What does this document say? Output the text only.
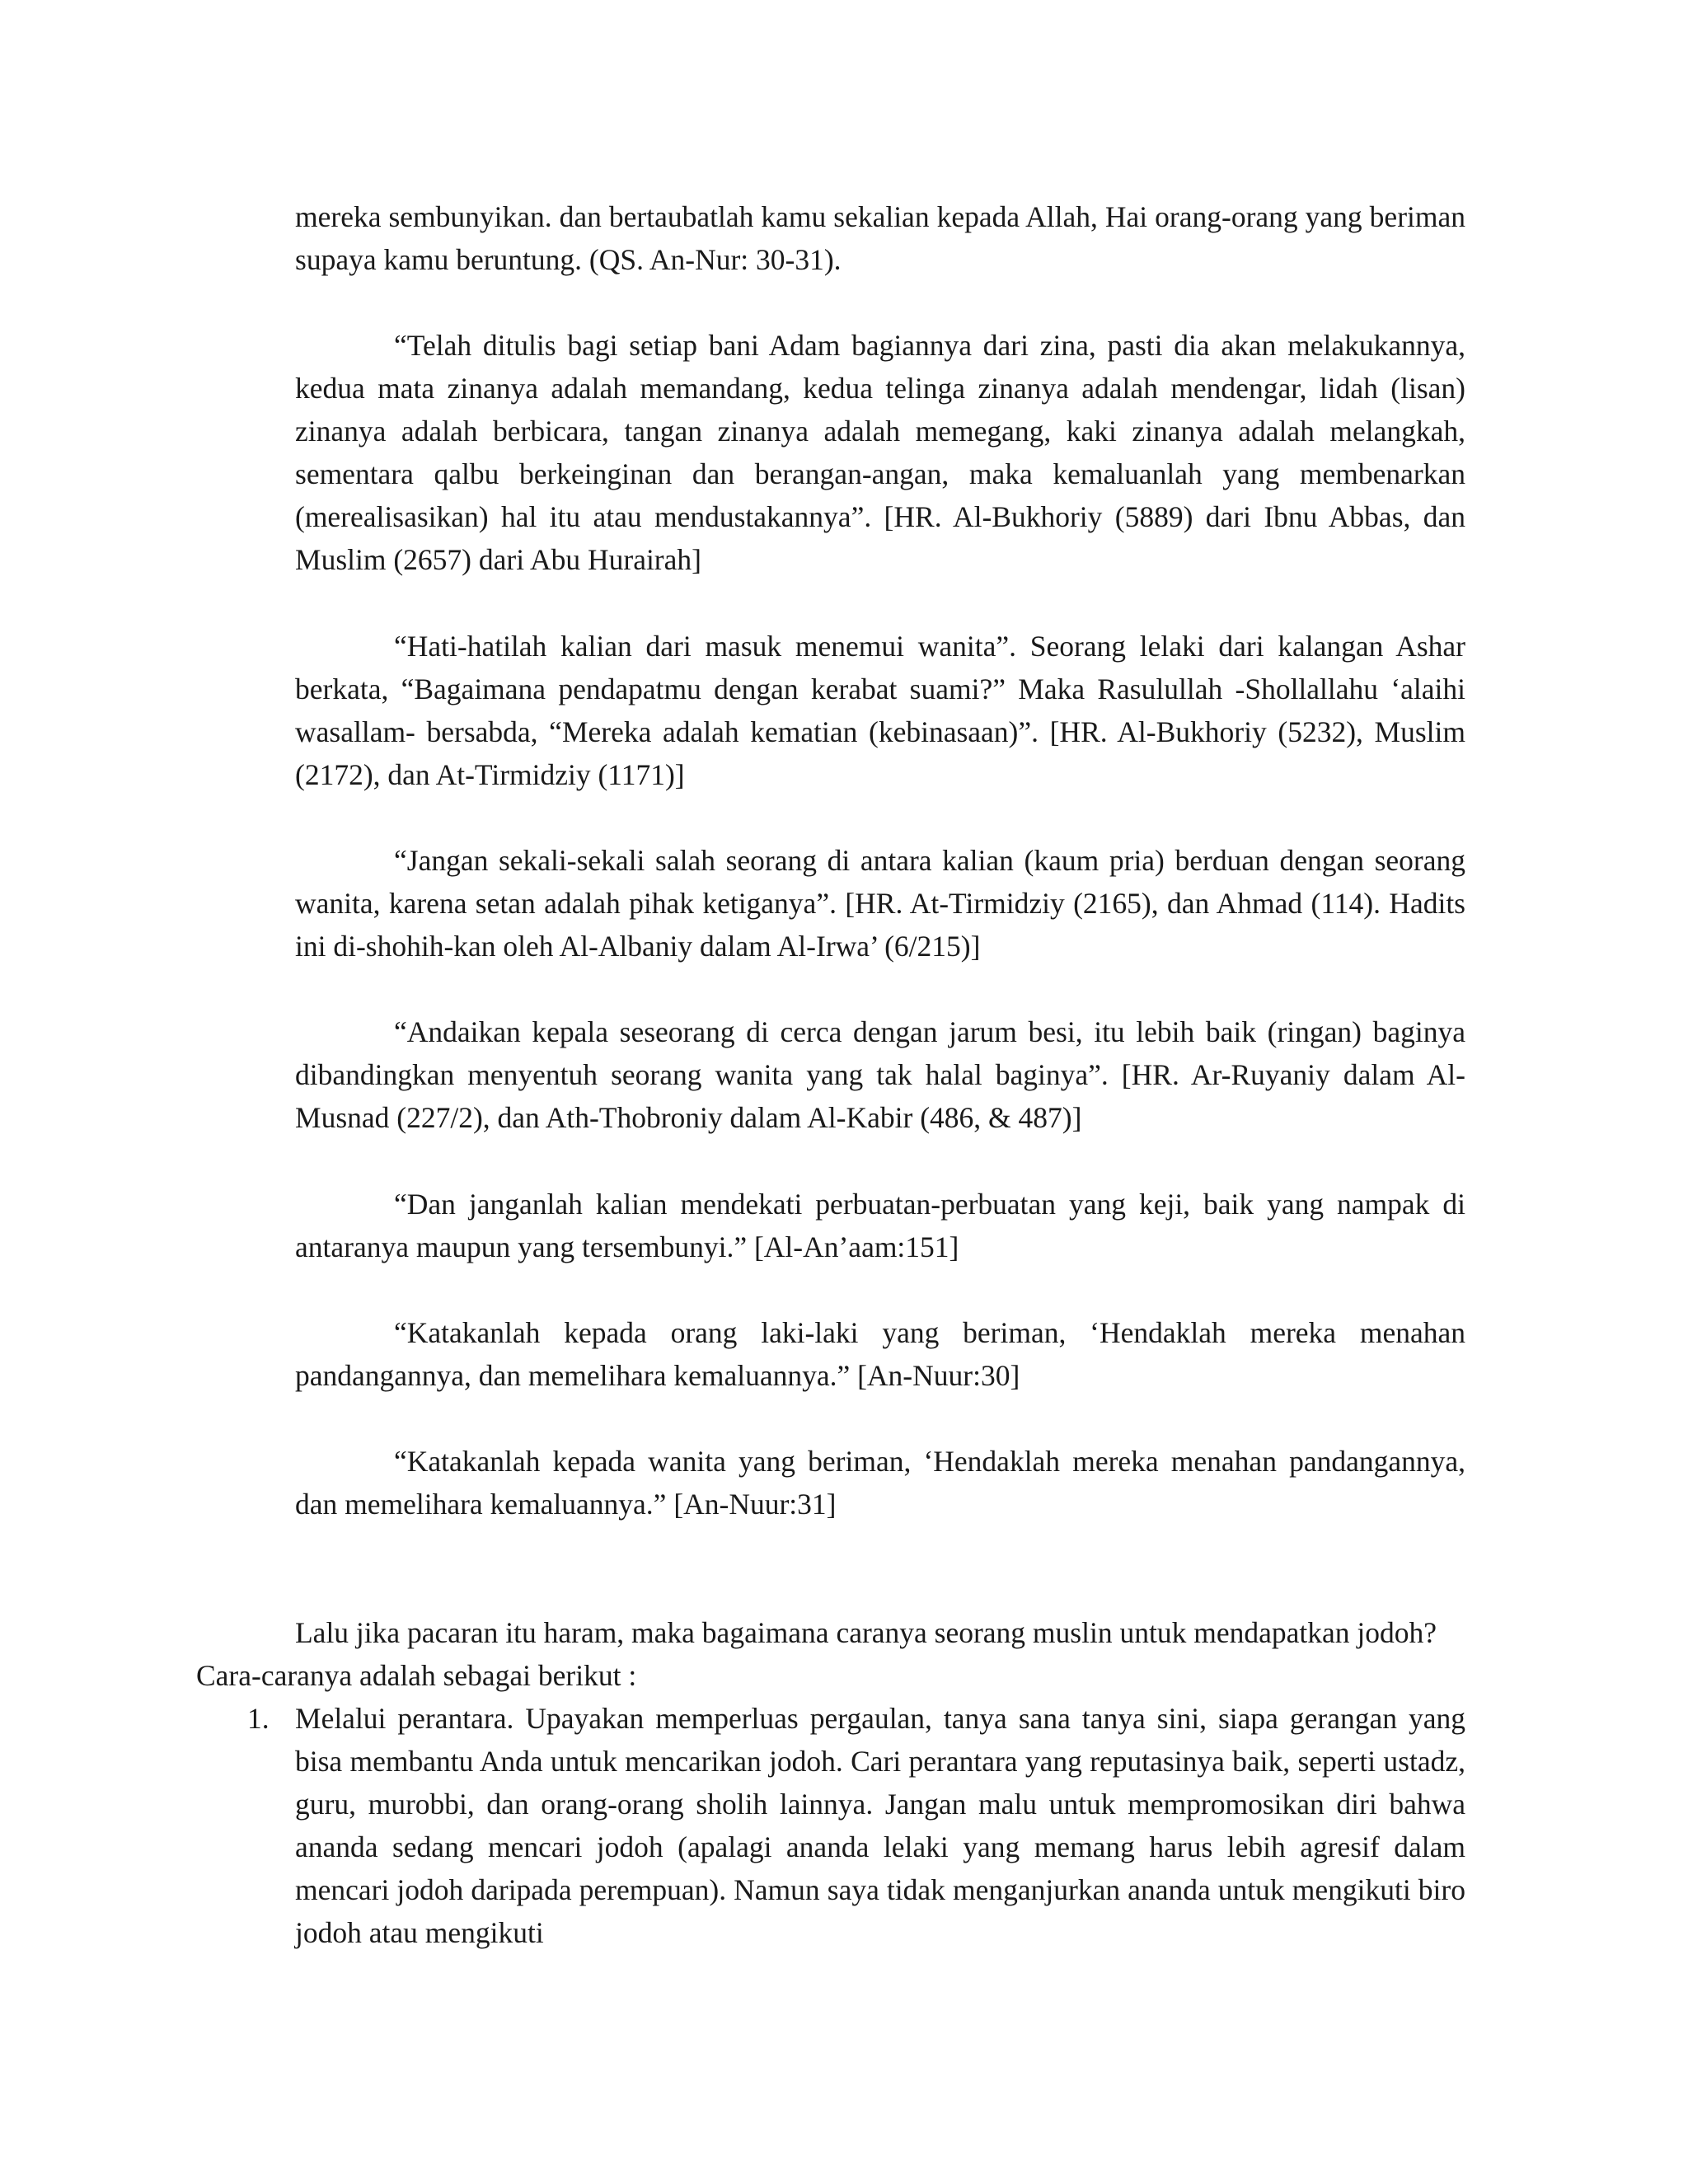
mereka sembunyikan. dan bertaubatlah kamu sekalian kepada Allah, Hai orang-orang yang beriman supaya kamu beruntung. (QS. An-Nur: 30-31).

“Telah ditulis bagi setiap bani Adam bagiannya dari zina, pasti dia akan melakukannya, kedua mata zinanya adalah memandang, kedua telinga zinanya adalah mendengar, lidah (lisan) zinanya adalah berbicara, tangan zinanya adalah memegang, kaki zinanya adalah melangkah, sementara qalbu berkeinginan dan berangan-angan, maka kemaluanlah yang membenarkan (merealisasikan) hal itu atau mendustakannya”. [HR. Al-Bukhoriy (5889) dari Ibnu Abbas, dan Muslim (2657) dari Abu Hurairah]

“Hati-hatilah kalian dari masuk menemui wanita”. Seorang lelaki dari kalangan Ashar berkata, “Bagaimana pendapatmu dengan kerabat suami?” Maka Rasulullah -Shollallahu ‘alaihi wasallam- bersabda, “Mereka adalah kematian (kebinasaan)”. [HR. Al-Bukhoriy (5232), Muslim (2172), dan At-Tirmidziy (1171)]

“Jangan sekali-sekali salah seorang di antara kalian (kaum pria) berduan dengan seorang wanita, karena setan adalah pihak ketiganya”. [HR. At-Tirmidziy (2165), dan Ahmad (114). Hadits ini di-shohih-kan oleh Al-Albaniy dalam Al-Irwa’ (6/215)]

“Andaikan kepala seseorang di cerca dengan jarum besi, itu lebih baik (ringan) baginya dibandingkan menyentuh seorang wanita yang tak halal baginya”. [HR. Ar-Ruyaniy dalam Al-Musnad (227/2), dan Ath-Thobroniy dalam Al-Kabir (486, & 487)]

“Dan janganlah kalian mendekati perbuatan-perbuatan yang keji, baik yang nampak di antaranya maupun yang tersembunyi.” [Al-An’aam:151]

“Katakanlah kepada orang laki-laki yang beriman, ‘Hendaklah mereka menahan pandangannya, dan memelihara kemaluannya.” [An-Nuur:30]

“Katakanlah kepada wanita yang beriman, ‘Hendaklah mereka menahan pandangannya, dan memelihara kemaluannya.” [An-Nuur:31]

Lalu jika pacaran itu haram, maka bagaimana caranya seorang muslin untuk mendapatkan jodoh? Cara-caranya adalah sebagai berikut :

1. Melalui perantara. Upayakan memperluas pergaulan, tanya sana tanya sini, siapa gerangan yang bisa membantu Anda untuk mencarikan jodoh. Cari perantara yang reputasinya baik, seperti ustadz, guru, murobbi, dan orang-orang sholih lainnya. Jangan malu untuk mempromosikan diri bahwa ananda sedang mencari jodoh (apalagi ananda lelaki yang memang harus lebih agresif dalam mencari jodoh daripada perempuan). Namun saya tidak menganjurkan ananda untuk mengikuti biro jodoh atau mengikuti
